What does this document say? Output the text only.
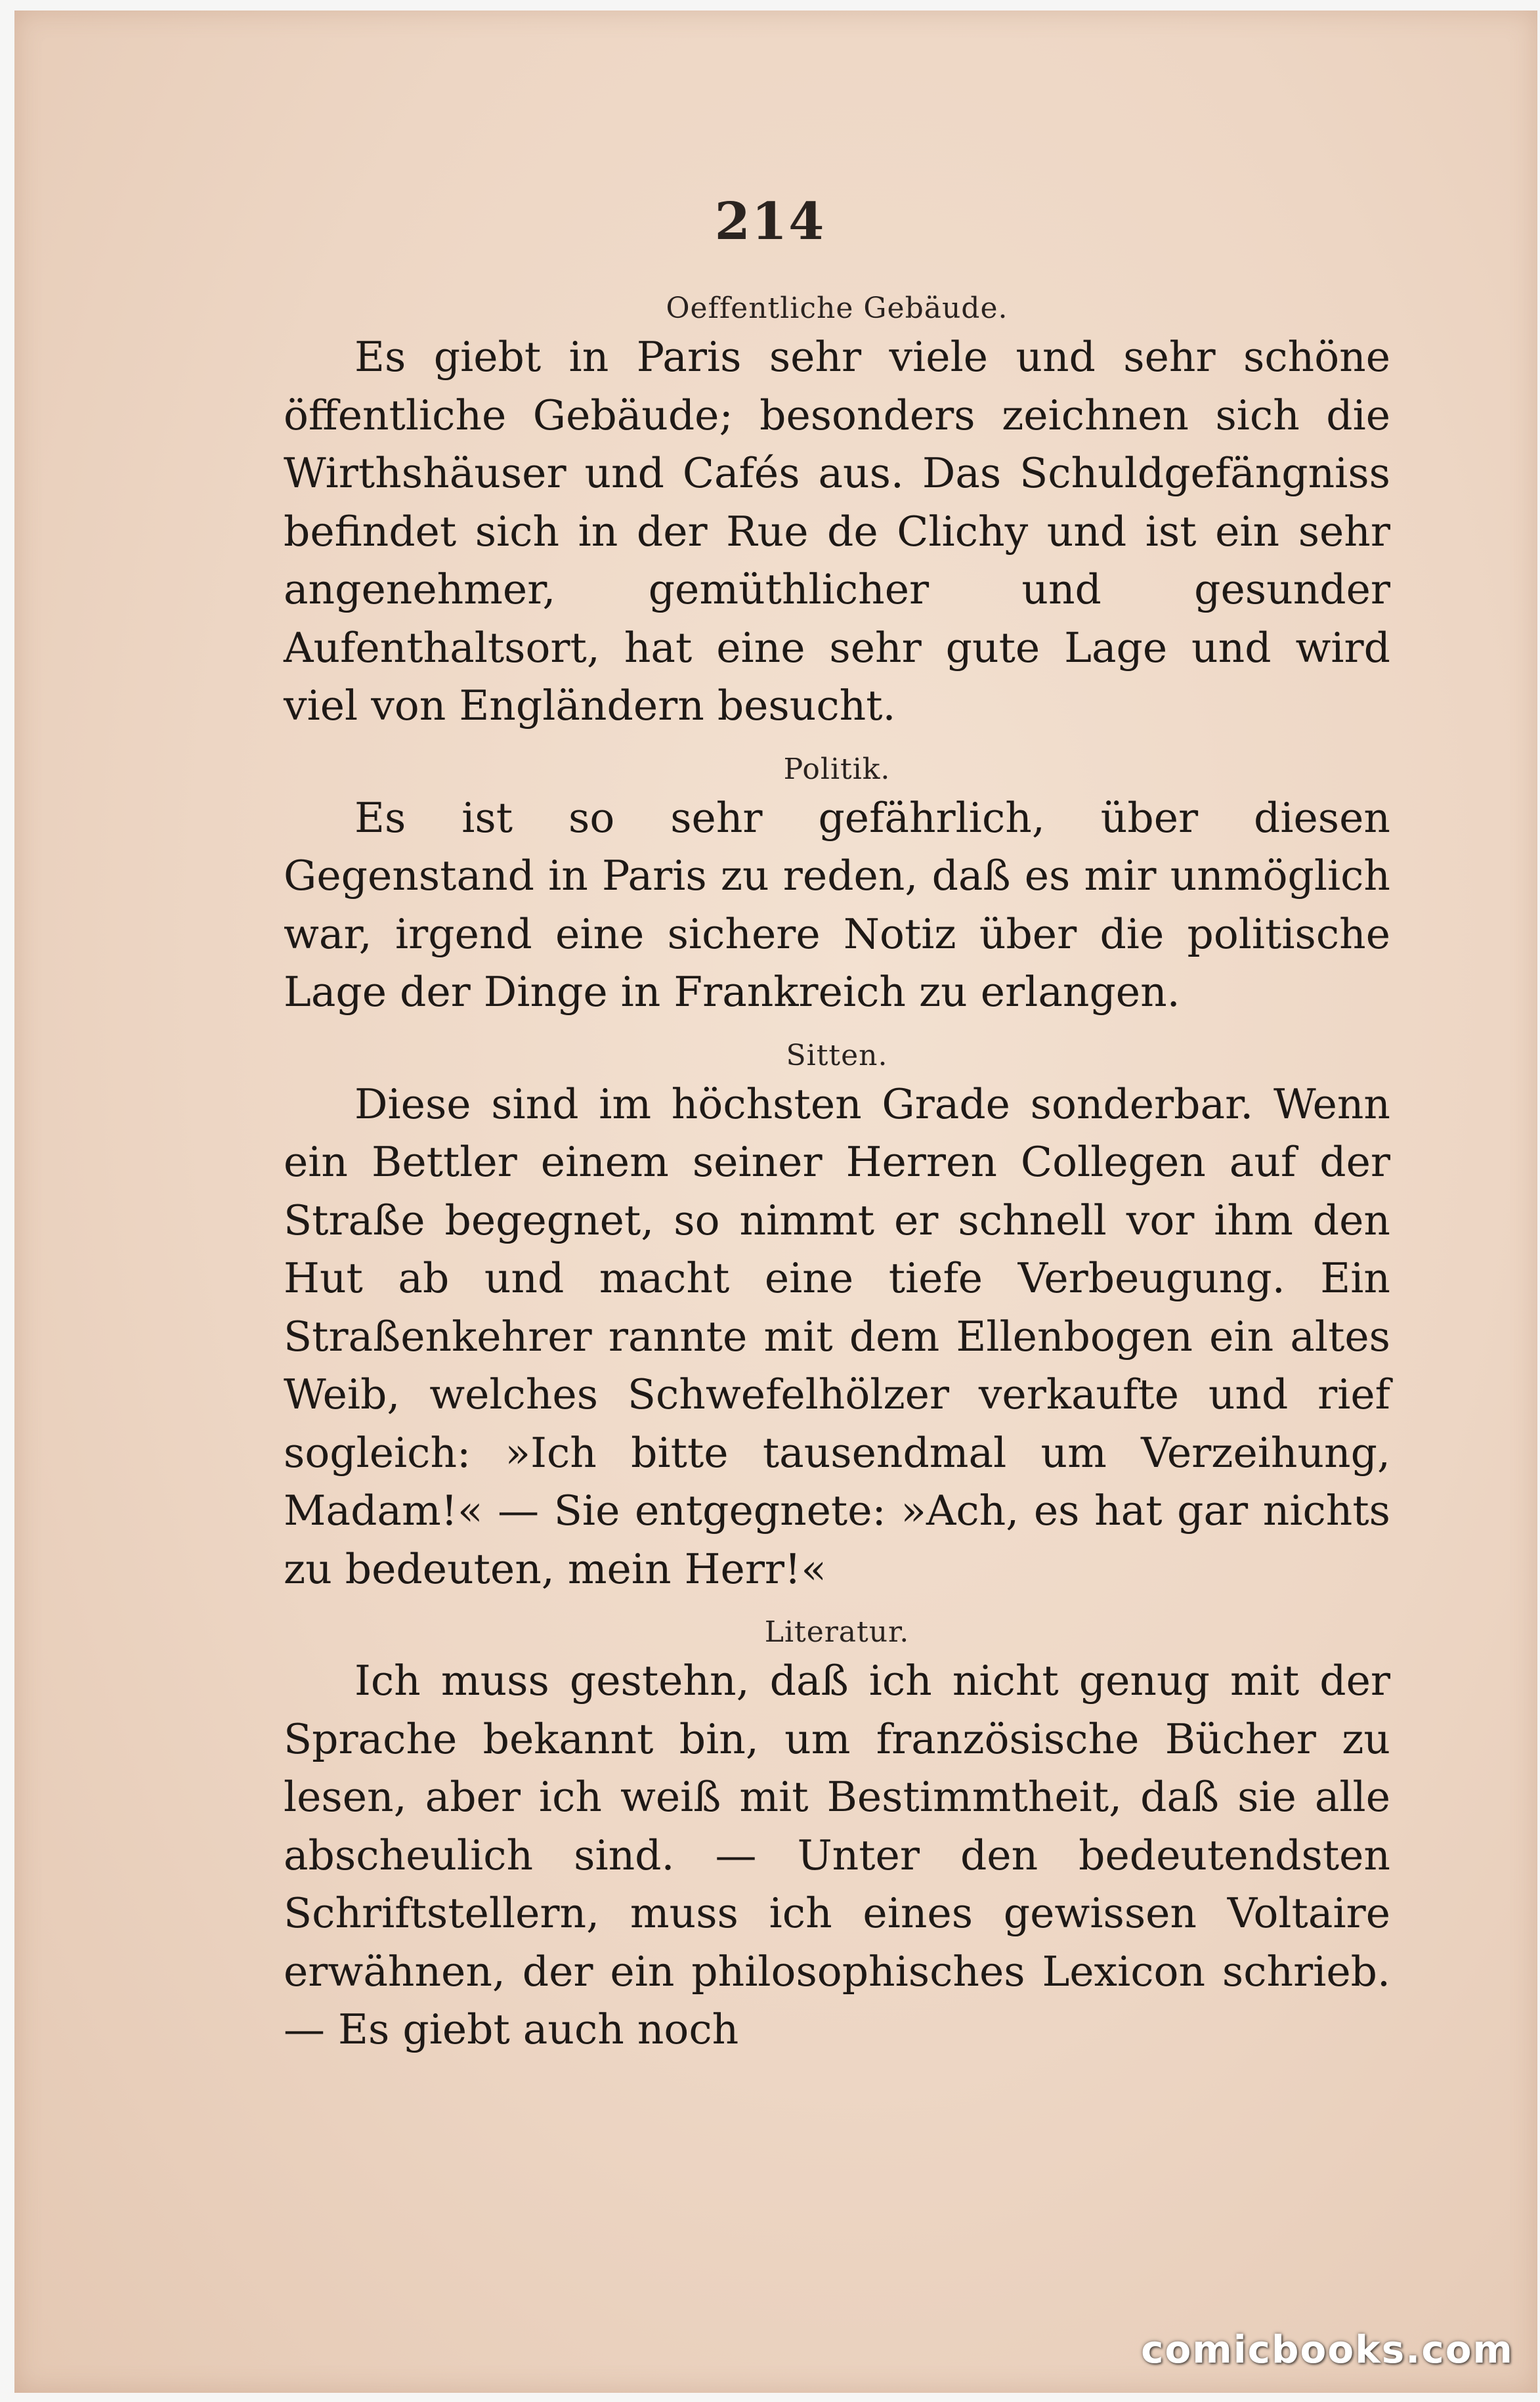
214

Oeffentliche Gebäude.

Es giebt in Paris sehr viele und sehr schöne öffentliche Gebäude; besonders zeichnen sich die Wirthshäuser und Cafés aus. Das Schuldgefängniss befindet sich in der Rue de Clichy und ist ein sehr angenehmer, gemüthlicher und gesunder Aufenthaltsort, hat eine sehr gute Lage und wird viel von Engländern besucht.

Politik.

Es ist so sehr gefährlich, über diesen Gegenstand in Paris zu reden, daß es mir unmöglich war, irgend eine sichere Notiz über die politische Lage der Dinge in Frankreich zu erlangen.

Sitten.

Diese sind im höchsten Grade sonderbar. Wenn ein Bettler einem seiner Herren Collegen auf der Straße begegnet, so nimmt er schnell vor ihm den Hut ab und macht eine tiefe Verbeugung. Ein Straßenkehrer rannte mit dem Ellenbogen ein altes Weib, welches Schwefelhölzer verkaufte und rief sogleich: »Ich bitte tausendmal um Verzeihung, Madam!« — Sie entgegnete: »Ach, es hat gar nichts zu bedeuten, mein Herr!«

Literatur.

Ich muss gestehn, daß ich nicht genug mit der Sprache bekannt bin, um französische Bücher zu lesen, aber ich weiß mit Bestimmtheit, daß sie alle abscheulich sind. — Unter den bedeutendsten Schriftstellern, muss ich eines gewissen Voltaire erwähnen, der ein philosophisches Lexicon schrieb. — Es giebt auch noch

comicbooks.com
